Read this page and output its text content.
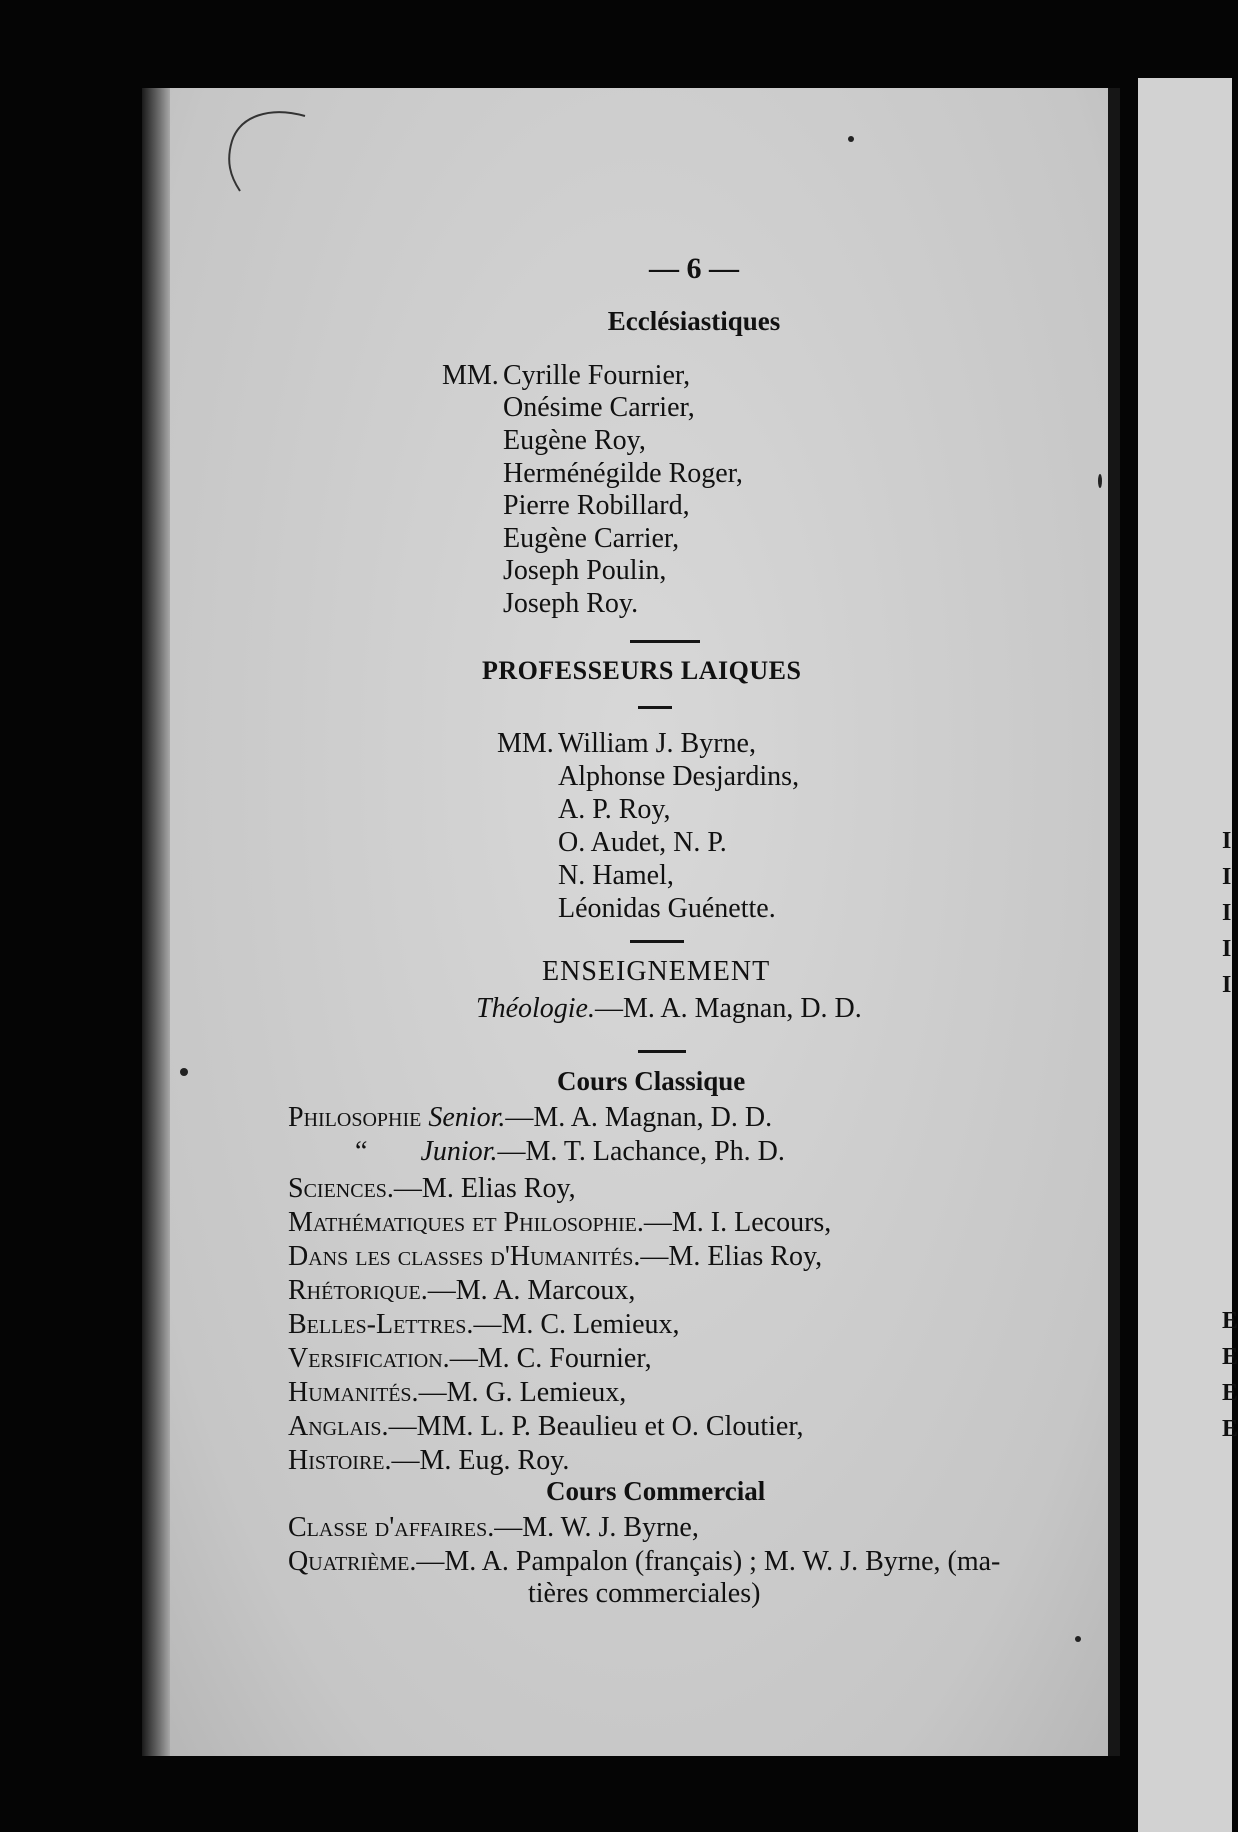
I
I
I
I
I
E
E
E
E
— 6 —
Ecclésiastiques
MM. Cyrille Fournier,
Onésime Carrier,
Eugène Roy,
Herménégilde Roger,
Pierre Robillard,
Eugène Carrier,
Joseph Poulin,
Joseph Roy.
PROFESSEURS LAIQUES
MM. William J. Byrne,
Alphonse Desjardins,
A. P. Roy,
O. Audet, N. P.
N. Hamel,
Léonidas Guénette.
ENSEIGNEMENT
Théologie.—M. A. Magnan, D. D.
Cours Classique
Philosophie Senior.—M. A. Magnan, D. D.
“ Junior.—M. T. Lachance, Ph. D.
Sciences.—M. Elias Roy,
Mathématiques et Philosophie.—M. I. Lecours,
Dans les classes d'Humanités.—M. Elias Roy,
Rhétorique.—M. A. Marcoux,
Belles-Lettres.—M. C. Lemieux,
Versification.—M. C. Fournier,
Humanités.—M. G. Lemieux,
Anglais.—MM. L. P. Beaulieu et O. Cloutier,
Histoire.—M. Eug. Roy.
Cours Commercial
Classe d'affaires.—M. W. J. Byrne,
Quatrième.—M. A. Pampalon (français) ; M. W. J. Byrne, (ma-
tières commerciales)
